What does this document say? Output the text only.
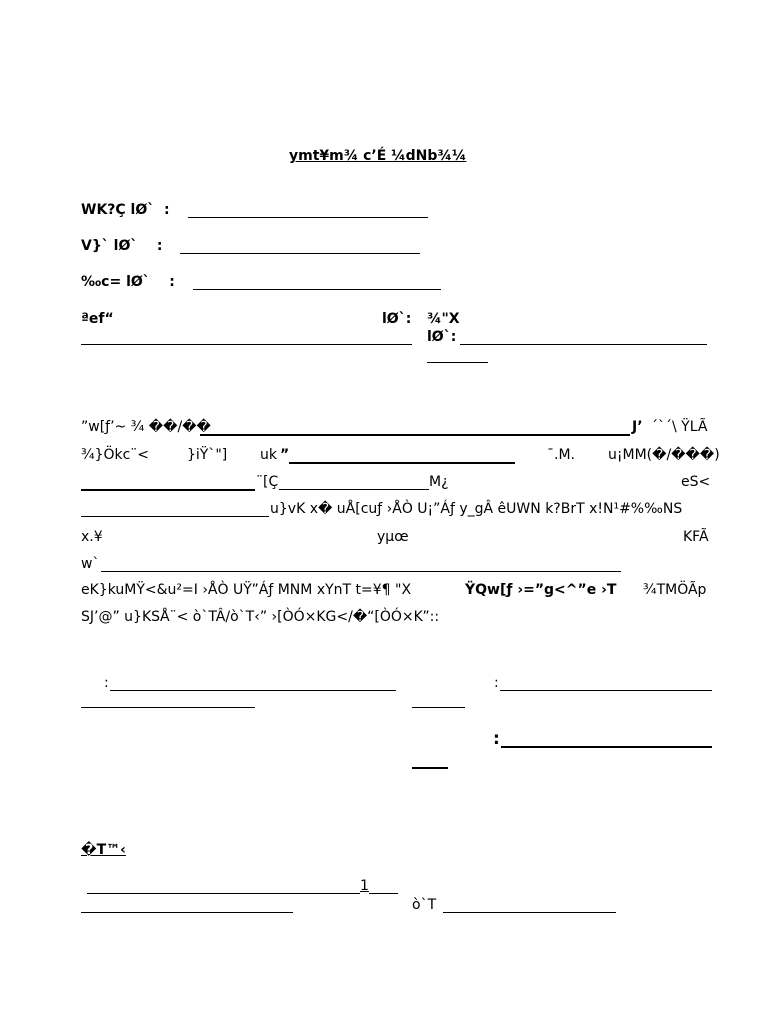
ymt¥m¾ c’É ¼dNb¾¼
WK?Ç lØ`  :
V}` lØ`    :
‰c= lØ`    :
ªef“	lØ`: ¾"X
lØ`:
”w[ƒ’~ ¾ ��/��	J’ ´`´\ ŸLÃ
¾}Ökc¨<	}iŸ`"] uk ”	¯.M. u¡MM(�/���)
¨[Ç	M¿	eS<
u}vK x� uÅ[cuƒ ›ÅÒ U¡”Áƒ y_gÂ êUWN k?BrT x!N¹#%‰NS
x.¥	yµœ	KFÃ
w`
eK}kuMŸ<&u²=I ›ÅÒ UŸ”Áƒ MNM xYnT t=¥¶ "X	ŸQw[ƒ ›=”g<^”e ›T ¾TMÖÃp
SJ’@” u}KSÅ¨< ò`TÂ/ò`T‹” ›[ÒÓ×KG</�“[ÒÓ×K”::
:	:
:
�T™‹
1
ò`T
